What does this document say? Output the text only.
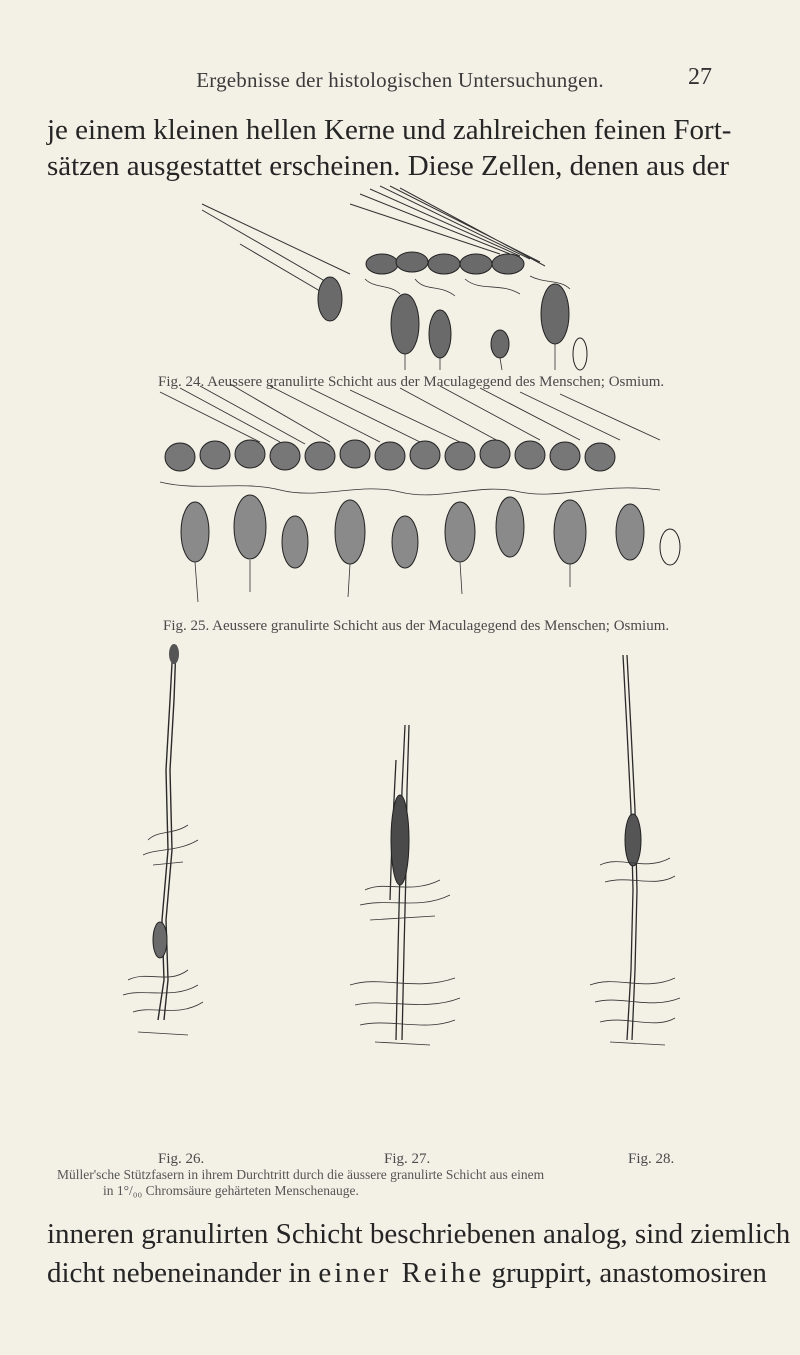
Ergebnisse der histologischen Untersuchungen.	27
je einem kleinen hellen Kerne und zahlreichen feinen Fort-
sätzen ausgestattet erscheinen. Diese Zellen, denen aus der
Fig. 24. Aeussere granulirte Schicht aus der Maculagegend des Menschen; Osmium.
Fig. 25. Aeussere granulirte Schicht aus der Maculagegend des Menschen; Osmium.
Fig. 26.	Fig. 27.	Fig. 28.
Müller'sche Stützfasern in ihrem Durchtritt durch die äussere granulirte Schicht aus einem
in 1°/₀₀ Chromsäure gehärteten Menschenauge.
inneren granulirten Schicht beschriebenen analog, sind ziemlich
dicht nebeneinander in einer Reihe gruppirt, anastomosiren
